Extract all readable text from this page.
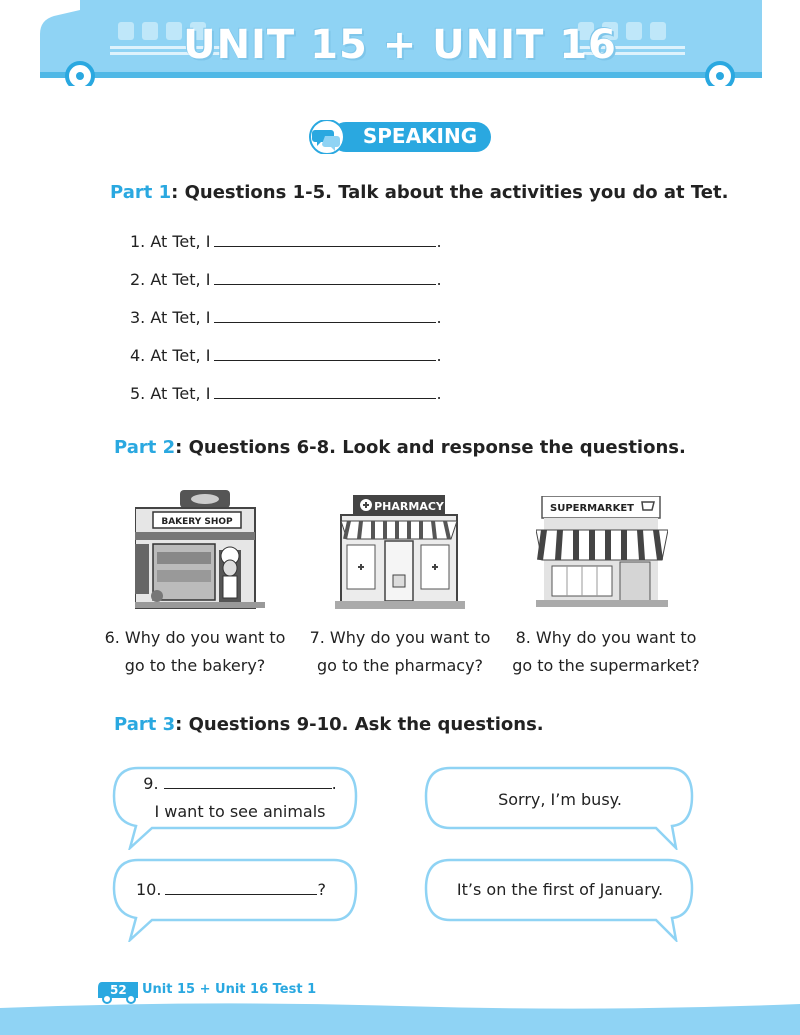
UNIT 15 + UNIT 16
SPEAKING
Part 1: Questions 1-5. Talk about the activities you do at Tet.
1. At Tet, I	.
2. At Tet, I	.
3. At Tet, I	.
4. At Tet, I	.
5. At Tet, I	.
Part 2: Questions 6-8. Look and response the questions.
BAKERY SHOP
6. Why do you want to
go to the bakery?
PHARMACY
7. Why do you want to
go to the pharmacy?
SUPERMARKET
8. Why do you want to
go to the supermarket?
Part 3: Questions 9-10. Ask the questions.
9.	.
I want to see animals
Sorry, I’m busy.
10.	?	It’s on the first of January.
52 Unit 15 + Unit 16 Test 1
